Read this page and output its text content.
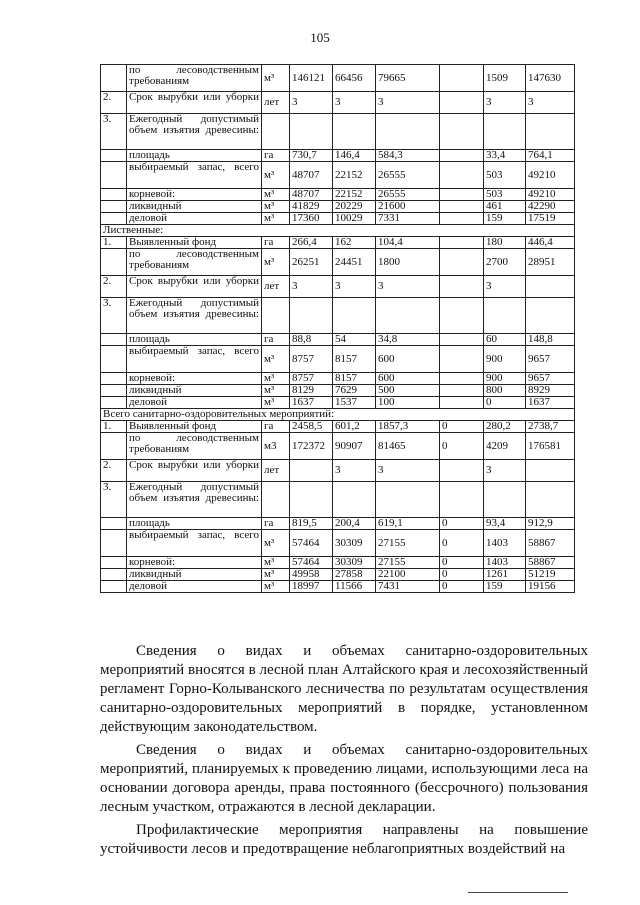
105
	по лесоводственным требованиям	м³	146121	66456	79665		1509	147630
2.	Срок вырубки или уборки	лет	3	3	3		3	3
3.	Ежегодный допустимый объем изъятия древесины:							
	площадь	га	730,7	146,4	584,3		33,4	764,1
	выбираемый запас, всего	м³	48707	22152	26555		503	49210
	корневой:	м³	48707	22152	26555		503	49210
	ликвидный	м³	41829	20229	21600		461	42290
	деловой	м³	17360	10029	7331		159	17519
Лиственные:								
1.	Выявленный фонд	га	266,4	162	104,4		180	446,4
	по лесоводственным требованиям	м³	26251	24451	1800		2700	28951
2.	Срок вырубки или уборки	лет	3	3	3		3	
3.	Ежегодный допустимый объем изъятия древесины:							
	площадь	га	88,8	54	34,8		60	148,8
	выбираемый запас, всего	м³	8757	8157	600		900	9657
	корневой:	м³	8757	8157	600		900	9657
	ликвидный	м³	8129	7629	500		800	8929
	деловой	м³	1637	1537	100		0	1637
Всего санитарно-оздоровительных мероприятий:								
1.	Выявленный фонд	га	2458,5	601,2	1857,3	0	280,2	2738,7
	по лесоводственным требованиям	м3	172372	90907	81465	0	4209	176581
2.	Срок вырубки или уборки	лет		3	3		3	
3.	Ежегодный допустимый объем изъятия древесины:							
	площадь	га	819,5	200,4	619,1	0	93,4	912,9
	выбираемый запас, всего	м³	57464	30309	27155	0	1403	58867
	корневой:	м³	57464	30309	27155	0	1403	58867
	ликвидный	м³	49958	27858	22100	0	1261	51219
	деловой	м³	18997	11566	7431	0	159	19156

Сведения о видах и объемах санитарно-оздоровительных мероприятий вносятся в лесной план Алтайского края и лесохозяйственный регламент Горно-Колыванского лесничества по результатам осуществления санитарно-оздоровительных мероприятий в порядке, установленном действующим законодательством.

Сведения о видах и объемах санитарно-оздоровительных мероприятий, планируемых к проведению лицами, использующими леса на основании договора аренды, права постоянного (бессрочного) пользования лесным участком, отражаются в лесной декларации.

Профилактические мероприятия направлены на повышение устойчивости лесов и предотвращение неблагоприятных воздействий на
